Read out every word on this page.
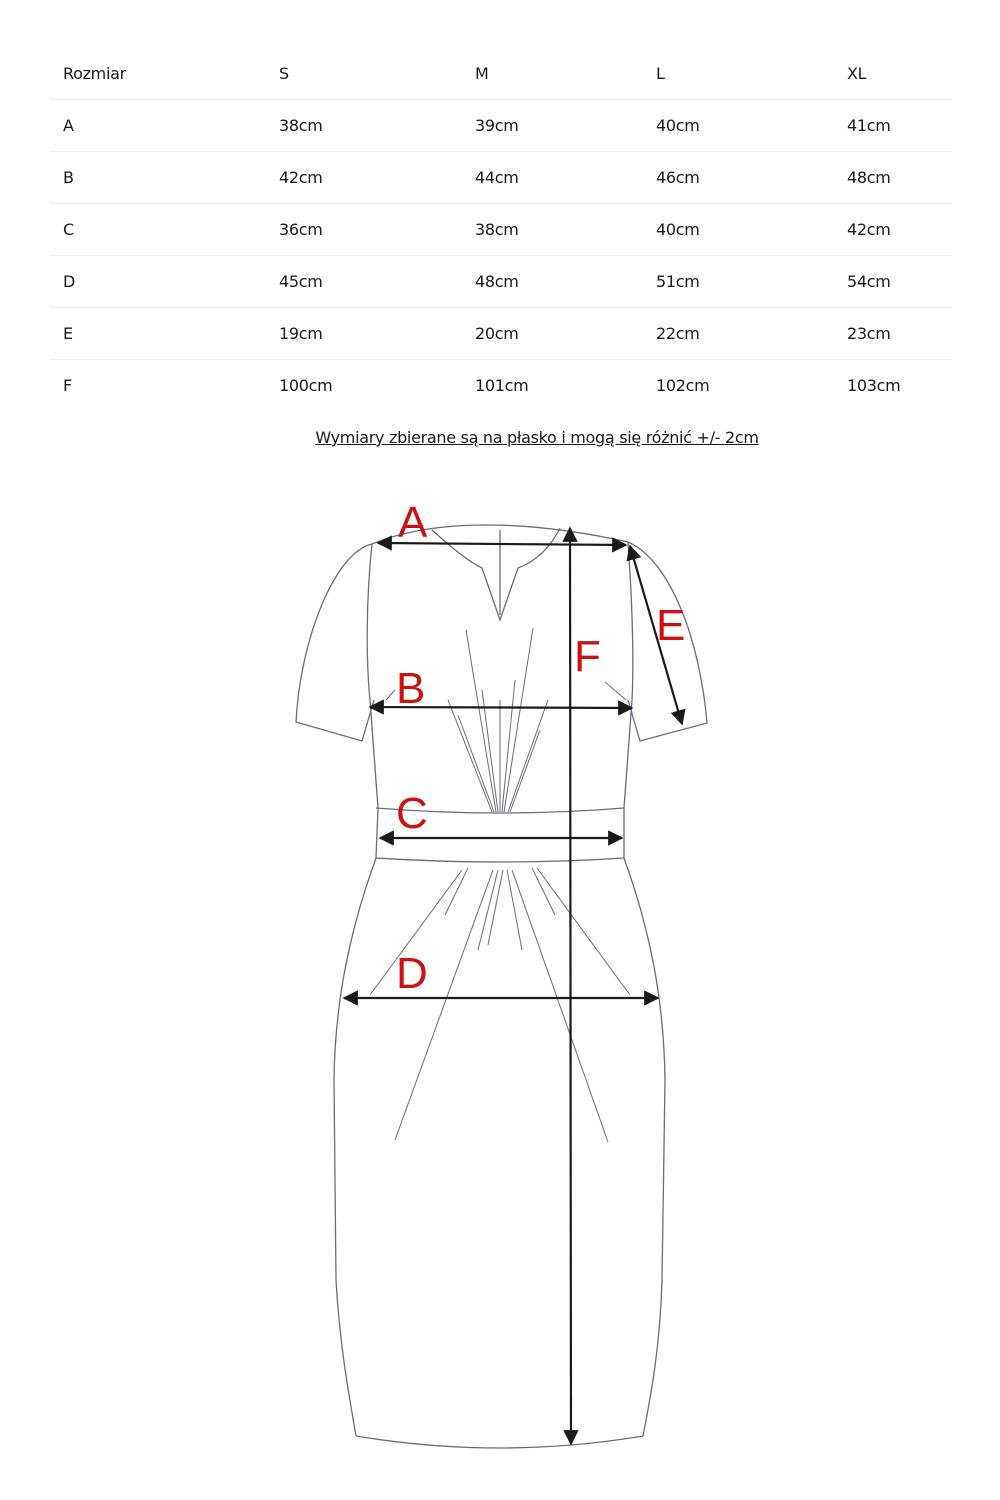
Rozmiar	S	M	L	XL
A	38cm	39cm	40cm	41cm
B	42cm	44cm	46cm	48cm
C	36cm	38cm	40cm	42cm
D	45cm	48cm	51cm	54cm
E	19cm	20cm	22cm	23cm
F	100cm	101cm	102cm	103cm
Wymiary zbierane są na płasko i mogą się różnić +/- 2cm
A
B
C
D
E
F
